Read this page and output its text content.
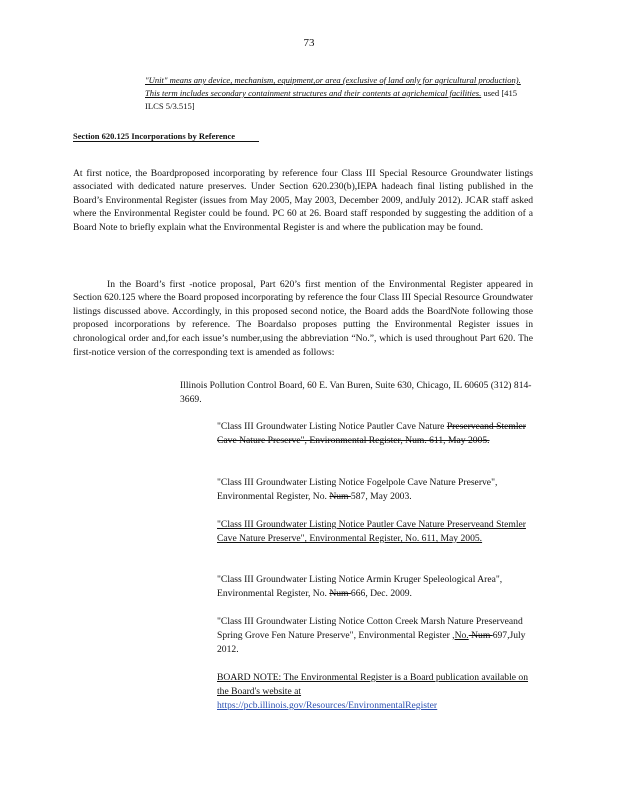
73
"Unit" means any device, mechanism, equipment,or area (exclusive of land only for agricultural production). This term includes secondary containment structures and their contents at agrichemical facilities. used [415 ILCS 5/3.515]
Section 620.125 Incorporations by Reference

At first notice, the Boardproposed incorporating by reference four Class III Special Resource Groundwater listings associated with dedicated nature preserves. Under Section 620.230(b),IEPA hadeach final listing published in the Board’s Environmental Register (issues from May 2005, May 2003, December 2009, andJuly 2012). JCAR staff asked where the Environmental Register could be found. PC 60 at 26. Board staff responded by suggesting the addition of a Board Note to briefly explain what the Environmental Register is and where the publication may be found.

In the Board’s first -notice proposal, Part 620’s first mention of the Environmental Register appeared in Section 620.125 where the Board proposed incorporating by reference the four Class III Special Resource Groundwater listings discussed above. Accordingly, in this proposed second notice, the Board adds the BoardNote following those proposed incorporations by reference. The Boardalso proposes putting the Environmental Register issues in chronological order and,for each issue’s number,using the abbreviation “No.”, which is used throughout Part 620. The first-notice version of the corresponding text is amended as follows:

Illinois Pollution Control Board, 60 E. Van Buren, Suite 630, Chicago, IL 60605 (312) 814-3669.
"Class III Groundwater Listing Notice Pautler Cave Nature Preserveand Stemler Cave Nature Preserve", Environmental Register, Num. 611, May 2005.
"Class III Groundwater Listing Notice Fogelpole Cave Nature Preserve", Environmental Register, No. Num 587, May 2003.
"Class III Groundwater Listing Notice Pautler Cave Nature Preserveand Stemler Cave Nature Preserve", Environmental Register, No. 611, May 2005.
"Class III Groundwater Listing Notice Armin Kruger Speleological Area", Environmental Register, No. Num 666, Dec. 2009.
"Class III Groundwater Listing Notice Cotton Creek Marsh Nature Preserveand Spring Grove Fen Nature Preserve", Environmental Register ,No. Num 697,July 2012.
BOARD NOTE: The Environmental Register is a Board publication available on the Board's website at
https://pcb.illinois.gov/Resources/EnvironmentalRegister
